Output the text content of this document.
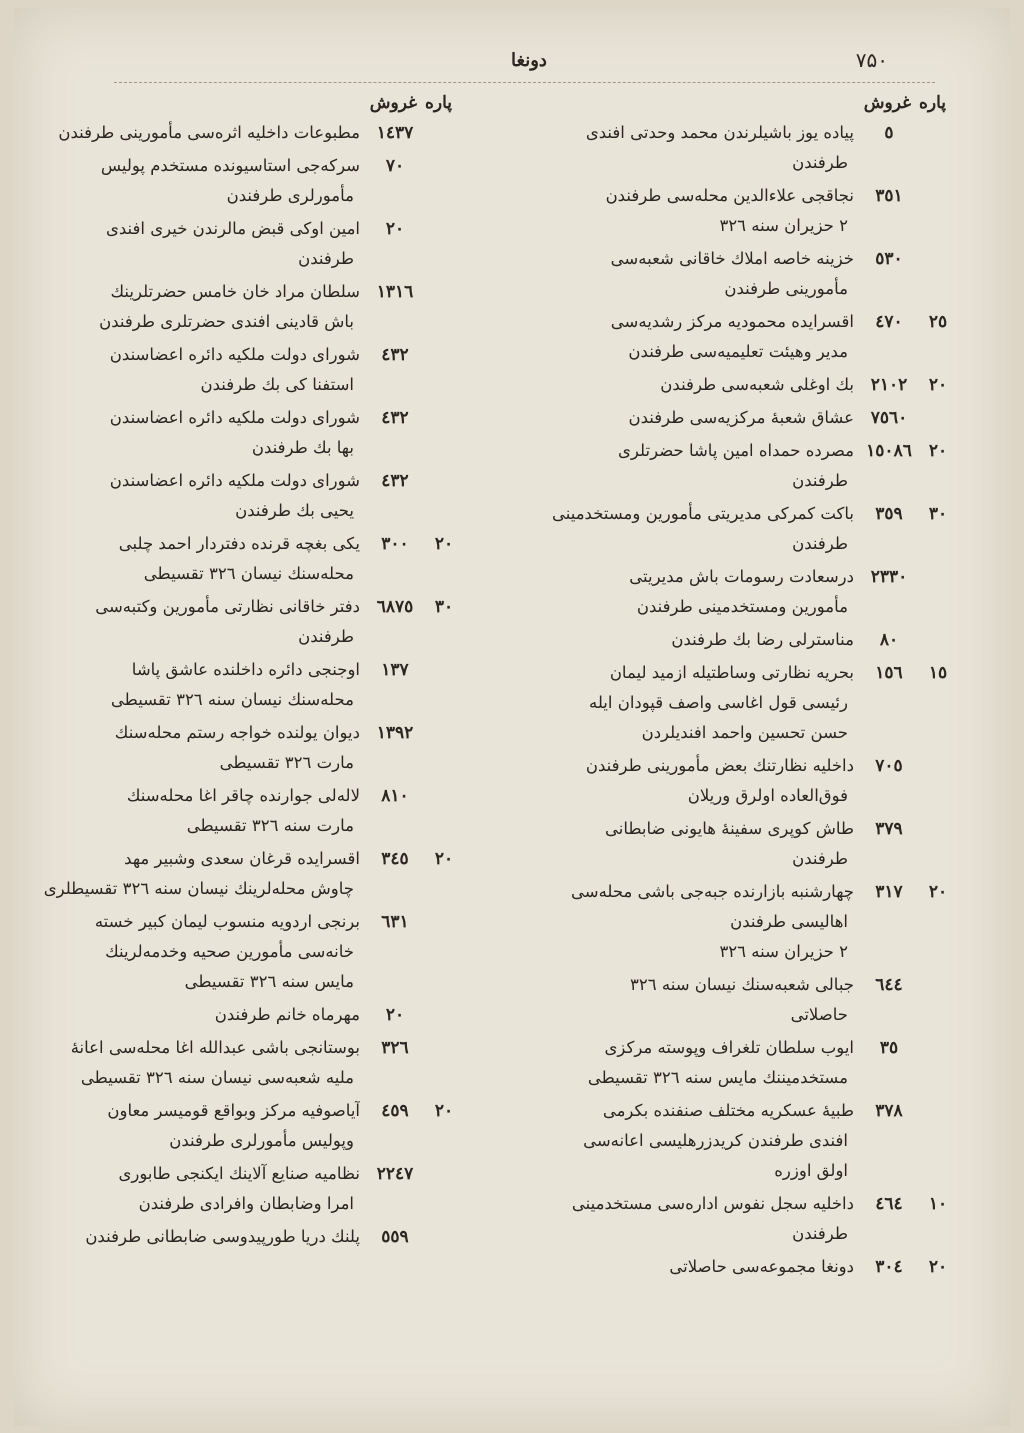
۷۵۰
دونغا
پاره
غروش
٥
پیاده یوز باشیلرندن محمد وحدتی افندی
طرفندن
٣٥١
نجاقجی علاءالدین محله‌سی طرفندن
۲ حزیران سنه ٣٢٦
٥٣٠
خزینه خاصه املاك خاقانی شعبه‌سی
مأمورینی طرفندن
٢٥
٤٧٠
اقسرایده محمودیه مرکز رشدیه‌سی
مدیر وهیئت تعلیمیه‌سی طرفندن
٢٠
٢١٠٢
بك اوغلی شعبه‌سی طرفندن
٧٥٦٠
عشاق شعبهٔ مرکزیه‌سی طرفندن
٢٠
١٥٠٨٦
مصرده حمداه امین پاشا حضرتلری
طرفندن
٣٠
٣٥٩
باکت کمرکی مدیریتی مأمورین ومستخدمینی
طرفندن
٢٣٣٠
درسعادت رسومات باش مدیریتی
مأمورین ومستخدمینی طرفندن
٨٠
مناسترلی رضا بك طرفندن
١٥
١٥٦
بحریه نظارتی وساطتیله ازمید لیمان
رئیسی قول اغاسی واصف قپودان ایله
حسن تحسین واحمد افندیلردن
٧٠٥
داخلیه نظارتنك بعض مأمورینی طرفندن
فوق‌العاده اولرق وریلان
٣٧٩
طاش کوپری سفینهٔ هایونی ضابطانی
طرفندن
٢٠
٣١٧
چهارشنبه بازارنده جبه‌جی باشی محله‌سی
اهالیسی طرفندن
۲ حزیران سنه ٣٢٦
٦٤٤
جبالی شعبه‌سنك نیسان سنه ٣٢٦
حاصلاتی
٣٥
ایوب سلطان تلغراف وپوسته مرکزی
مستخدمیننك مایس سنه ٣٢٦ تقسیطی
٣٧٨
طبیهٔ عسکریه مختلف صنفنده بکرمی
افندی طرفندن کریدزرهلیسی اعانه‌سی
اولق اوزره
١٠
٤٦٤
داخلیه سجل نفوس اداره‌سی مستخدمینی
طرفندن
٢٠
٣٠٤
دونغا مجموعه‌سی حاصلاتی
پاره
غروش
١٤٣٧
مطبوعات داخلیه اثره‌سی مأمورینی طرفندن
٧٠
سرکه‌جی استاسیونده مستخدم پولیس
مأمورلری طرفندن
٢٠
امین اوکی قبض مالرندن خیری افندی
طرفندن
١٣١٦
سلطان مراد خان خامس حضرتلرینك
باش قادینی افندی حضرتلری طرفندن
٤٣٢
شورای دولت ملکیه دائره اعضاسندن
استفنا کی بك طرفندن
٤٣٢
شورای دولت ملکیه دائره اعضاسندن
بها بك طرفندن
٤٣٢
شورای دولت ملکیه دائره اعضاسندن
یحیی بك طرفندن
٢٠
٣٠٠
یکی بغچه قرنده دفتردار احمد چلبی
محله‌سنك نیسان ٣٢٦ تقسیطی
٣٠
٦٨٧٥
دفتر خاقانی نظارتی مأمورین وکتبه‌سی
طرفندن
١٣٧
اوجنجی دائره داخلنده عاشق پاشا
محله‌سنك نیسان سنه ٣٢٦ تقسیطی
١٣٩٢
دیوان یولنده خواجه رستم محله‌سنك
مارت ٣٢٦ تقسیطی
٨١٠
لاله‌لی جوارنده چاقر اغا محله‌سنك
مارت سنه ٣٢٦ تقسیطی
٢٠
٣٤٥
اقسرایده قرغان سعدی وشبیر مهد
چاوش محله‌لرینك نیسان سنه ٣٢٦ تقسیطلری
٦٣١
برنجی اردویه منسوب لیمان کبیر خسته‌
خانه‌سی مأمورین صحیه وخدمه‌لرینك
مایس سنه ٣٢٦ تقسیطی
٢٠
مهرماه خانم طرفندن
٣٢٦
بوستانجی باشی عبدالله اغا محله‌سی اعانهٔ
ملیه شعبه‌سی نیسان سنه ٣٢٦ تقسیطی
٢٠
٤٥٩
آیاصوفیه مرکز وبواقع قومیسر معاون
وپولیس مأمورلری طرفندن
٢٢٤٧
نظامیه صنایع آلاینك ایکنجی طابوری
امرا وضابطان وافرادی طرفندن
٥٥٩
پلنك دریا طورپیدوسی ضابطانی طرفندن
